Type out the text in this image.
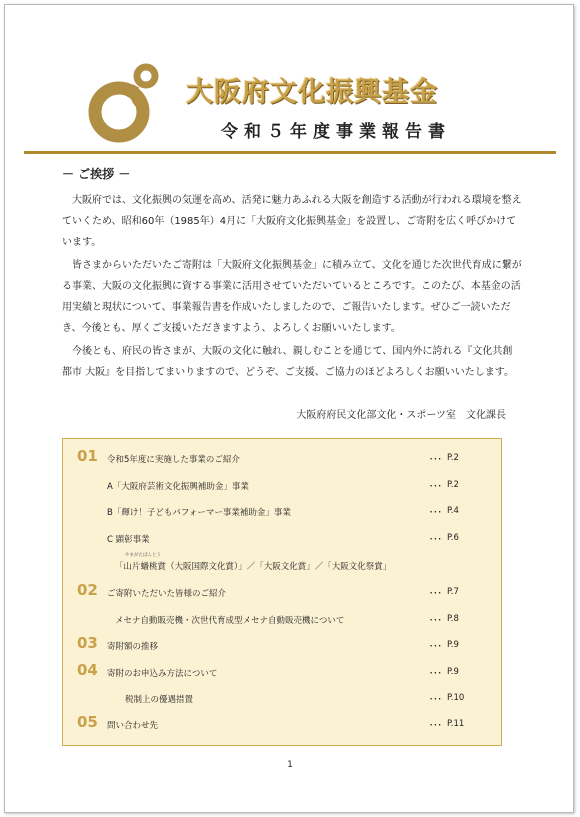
大阪府文化振興基金
令和５年度事業報告書
－ ご挨拶 －
大阪府では、文化振興の気運を高め、活発に魅力あふれる大阪を創造する活動が行われる環境を整えていくため、昭和60年（1985年）4月に「大阪府文化振興基金」を設置し、ご寄附を広く呼びかけています。
皆さまからいただいたご寄附は「大阪府文化振興基金」に積み立て、文化を通じた次世代育成に繋がる事業、大阪の文化振興に資する事業に活用させていただいているところです。このたび、本基金の活用実績と現状について、事業報告書を作成いたしましたので、ご報告いたします。ぜひご一読いただき、今後とも、厚くご支援いただきますよう、よろしくお願いいたします。
今後とも、府民の皆さまが、大阪の文化に触れ、親しむことを通じて、国内外に誇れる『文化共創都市 大阪』を目指してまいりますので、どうぞ、ご支援、ご協力のほどよろしくお願いいたします。
大阪府府民文化部文化・スポーツ室　文化課長
01 令和5年度に実施した事業のご紹介	･･･ P.2
A「大阪府芸術文化振興補助金」事業	･･･ P.2
B「輝け！子どもパフォーマー事業補助金」事業	･･･ P.4
C 顕彰事業	･･･ P.6
やまがたばんとう
「山片蟠桃賞（大阪国際文化賞）」／「大阪文化賞」／「大阪文化祭賞」
02 ご寄附いただいた皆様のご紹介	･･･ P.7
メセナ自動販売機・次世代育成型メセナ自動販売機について	･･･ P.8
03 寄附額の推移	･･･ P.9
04 寄附のお申込み方法について	･･･ P.9
税制上の優遇措置	･･･ P.10
05 問い合わせ先	･･･ P.11
1
